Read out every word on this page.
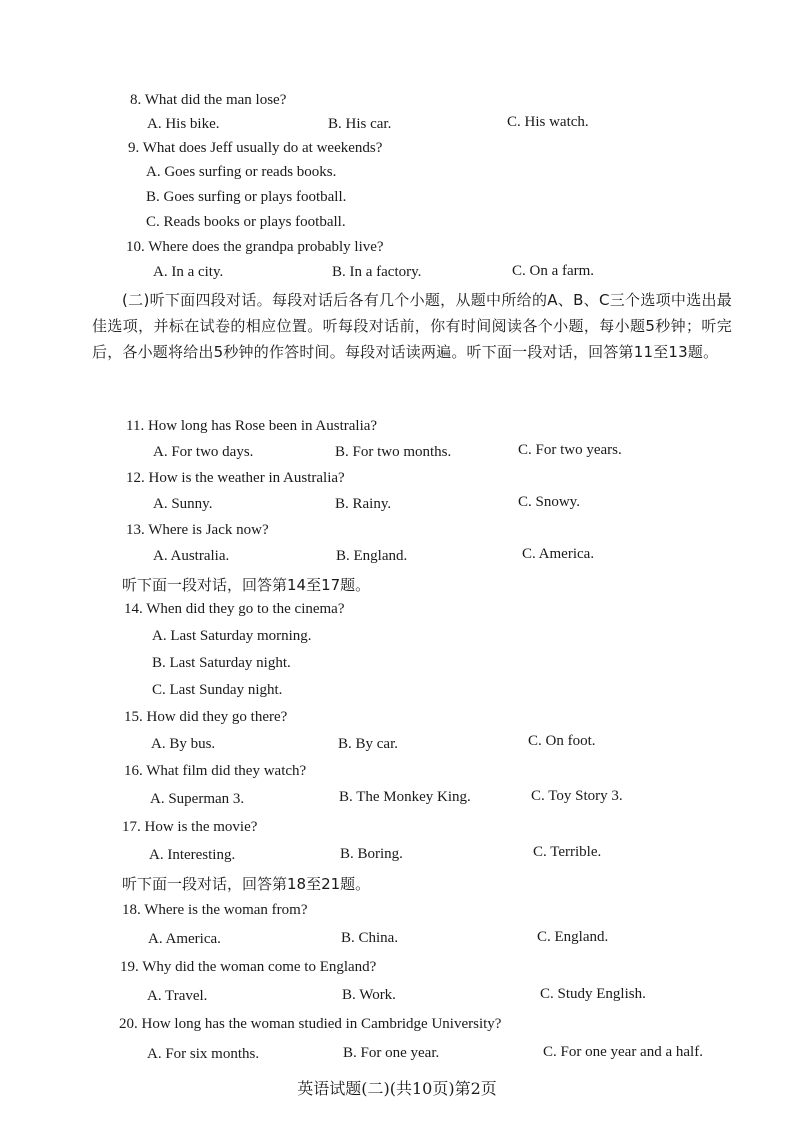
8. What did the man lose?
A. His bike.	B. His car.	C. His watch.
9. What does Jeff usually do at weekends?
A. Goes surfing or reads books.
B. Goes surfing or plays football.
C. Reads books or plays football.
10. Where does the grandpa probably live?
A. In a city.	B. In a factory.	C. On a farm.
(二)听下面四段对话。每段对话后各有几个小题，从题中所给的A、B、C三个选项中选出最佳选项，并标在试卷的相应位置。听每段对话前，你有时间阅读各个小题，每小题5秒钟；听完后，各小题将给出5秒钟的作答时间。每段对话读两遍。听下面一段对话，回答第11至13题。
11. How long has Rose been in Australia?
A. For two days.	B. For two months.	C. For two years.
12. How is the weather in Australia?
A. Sunny.	B. Rainy.	C. Snowy.
13. Where is Jack now?
A. Australia.	B. England.	C. America.
听下面一段对话，回答第14至17题。
14. When did they go to the cinema?
A. Last Saturday morning.
B. Last Saturday night.
C. Last Sunday night.
15. How did they go there?
A. By bus.	B. By car.	C. On foot.
16. What film did they watch?
A. Superman 3.	B. The Monkey King.	C. Toy Story 3.
17. How is the movie?
A. Interesting.	B. Boring.	C. Terrible.
听下面一段对话，回答第18至21题。
18. Where is the woman from?
A. America.	B. China.	C. England.
19. Why did the woman come to England?
A. Travel.	B. Work.	C. Study English.
20. How long has the woman studied in Cambridge University?
A. For six months.	B. For one year.	C. For one year and a half.
英语试题(二)(共10页)第2页
